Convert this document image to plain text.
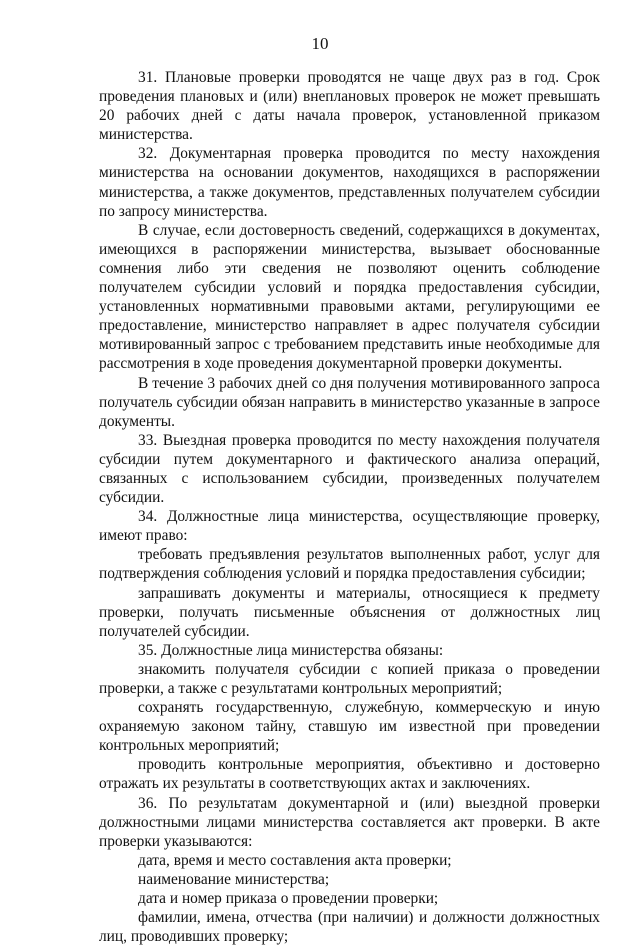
10

31. Плановые проверки проводятся не чаще двух раз в год. Срок проведения плановых и (или) внеплановых проверок не может превышать 20 рабочих дней с даты начала проверок, установленной приказом министерства.

32. Документарная проверка проводится по месту нахождения министерства на основании документов, находящихся в распоряжении министерства, а также документов, представленных получателем субсидии по запросу министерства.

В случае, если достоверность сведений, содержащихся в документах, имеющихся в распоряжении министерства, вызывает обоснованные сомнения либо эти сведения не позволяют оценить соблюдение получателем субсидии условий и порядка предоставления субсидии, установленных нормативными правовыми актами, регулирующими ее предоставление, министерство направляет в адрес получателя субсидии мотивированный запрос с требованием представить иные необходимые для рассмотрения в ходе проведения документарной проверки документы.

В течение 3 рабочих дней со дня получения мотивированного запроса получатель субсидии обязан направить в министерство указанные в запросе документы.

33. Выездная проверка проводится по месту нахождения получателя субсидии путем документарного и фактического анализа операций, связанных с использованием субсидии, произведенных получателем субсидии.

34. Должностные лица министерства, осуществляющие проверку, имеют право:

требовать предъявления результатов выполненных работ, услуг для подтверждения соблюдения условий и порядка предоставления субсидии;

запрашивать документы и материалы, относящиеся к предмету проверки, получать письменные объяснения от должностных лиц получателей субсидии.

35. Должностные лица министерства обязаны:

знакомить получателя субсидии с копией приказа о проведении проверки, а также с результатами контрольных мероприятий;

сохранять государственную, служебную, коммерческую и иную охраняемую законом тайну, ставшую им известной при проведении контрольных мероприятий;

проводить контрольные мероприятия, объективно и достоверно отражать их результаты в соответствующих актах и заключениях.

36. По результатам документарной и (или) выездной проверки должностными лицами министерства составляется акт проверки. В акте проверки указываются:

дата, время и место составления акта проверки;

наименование министерства;

дата и номер приказа о проведении проверки;

фамилии, имена, отчества (при наличии) и должности должностных лиц, проводивших проверку;
